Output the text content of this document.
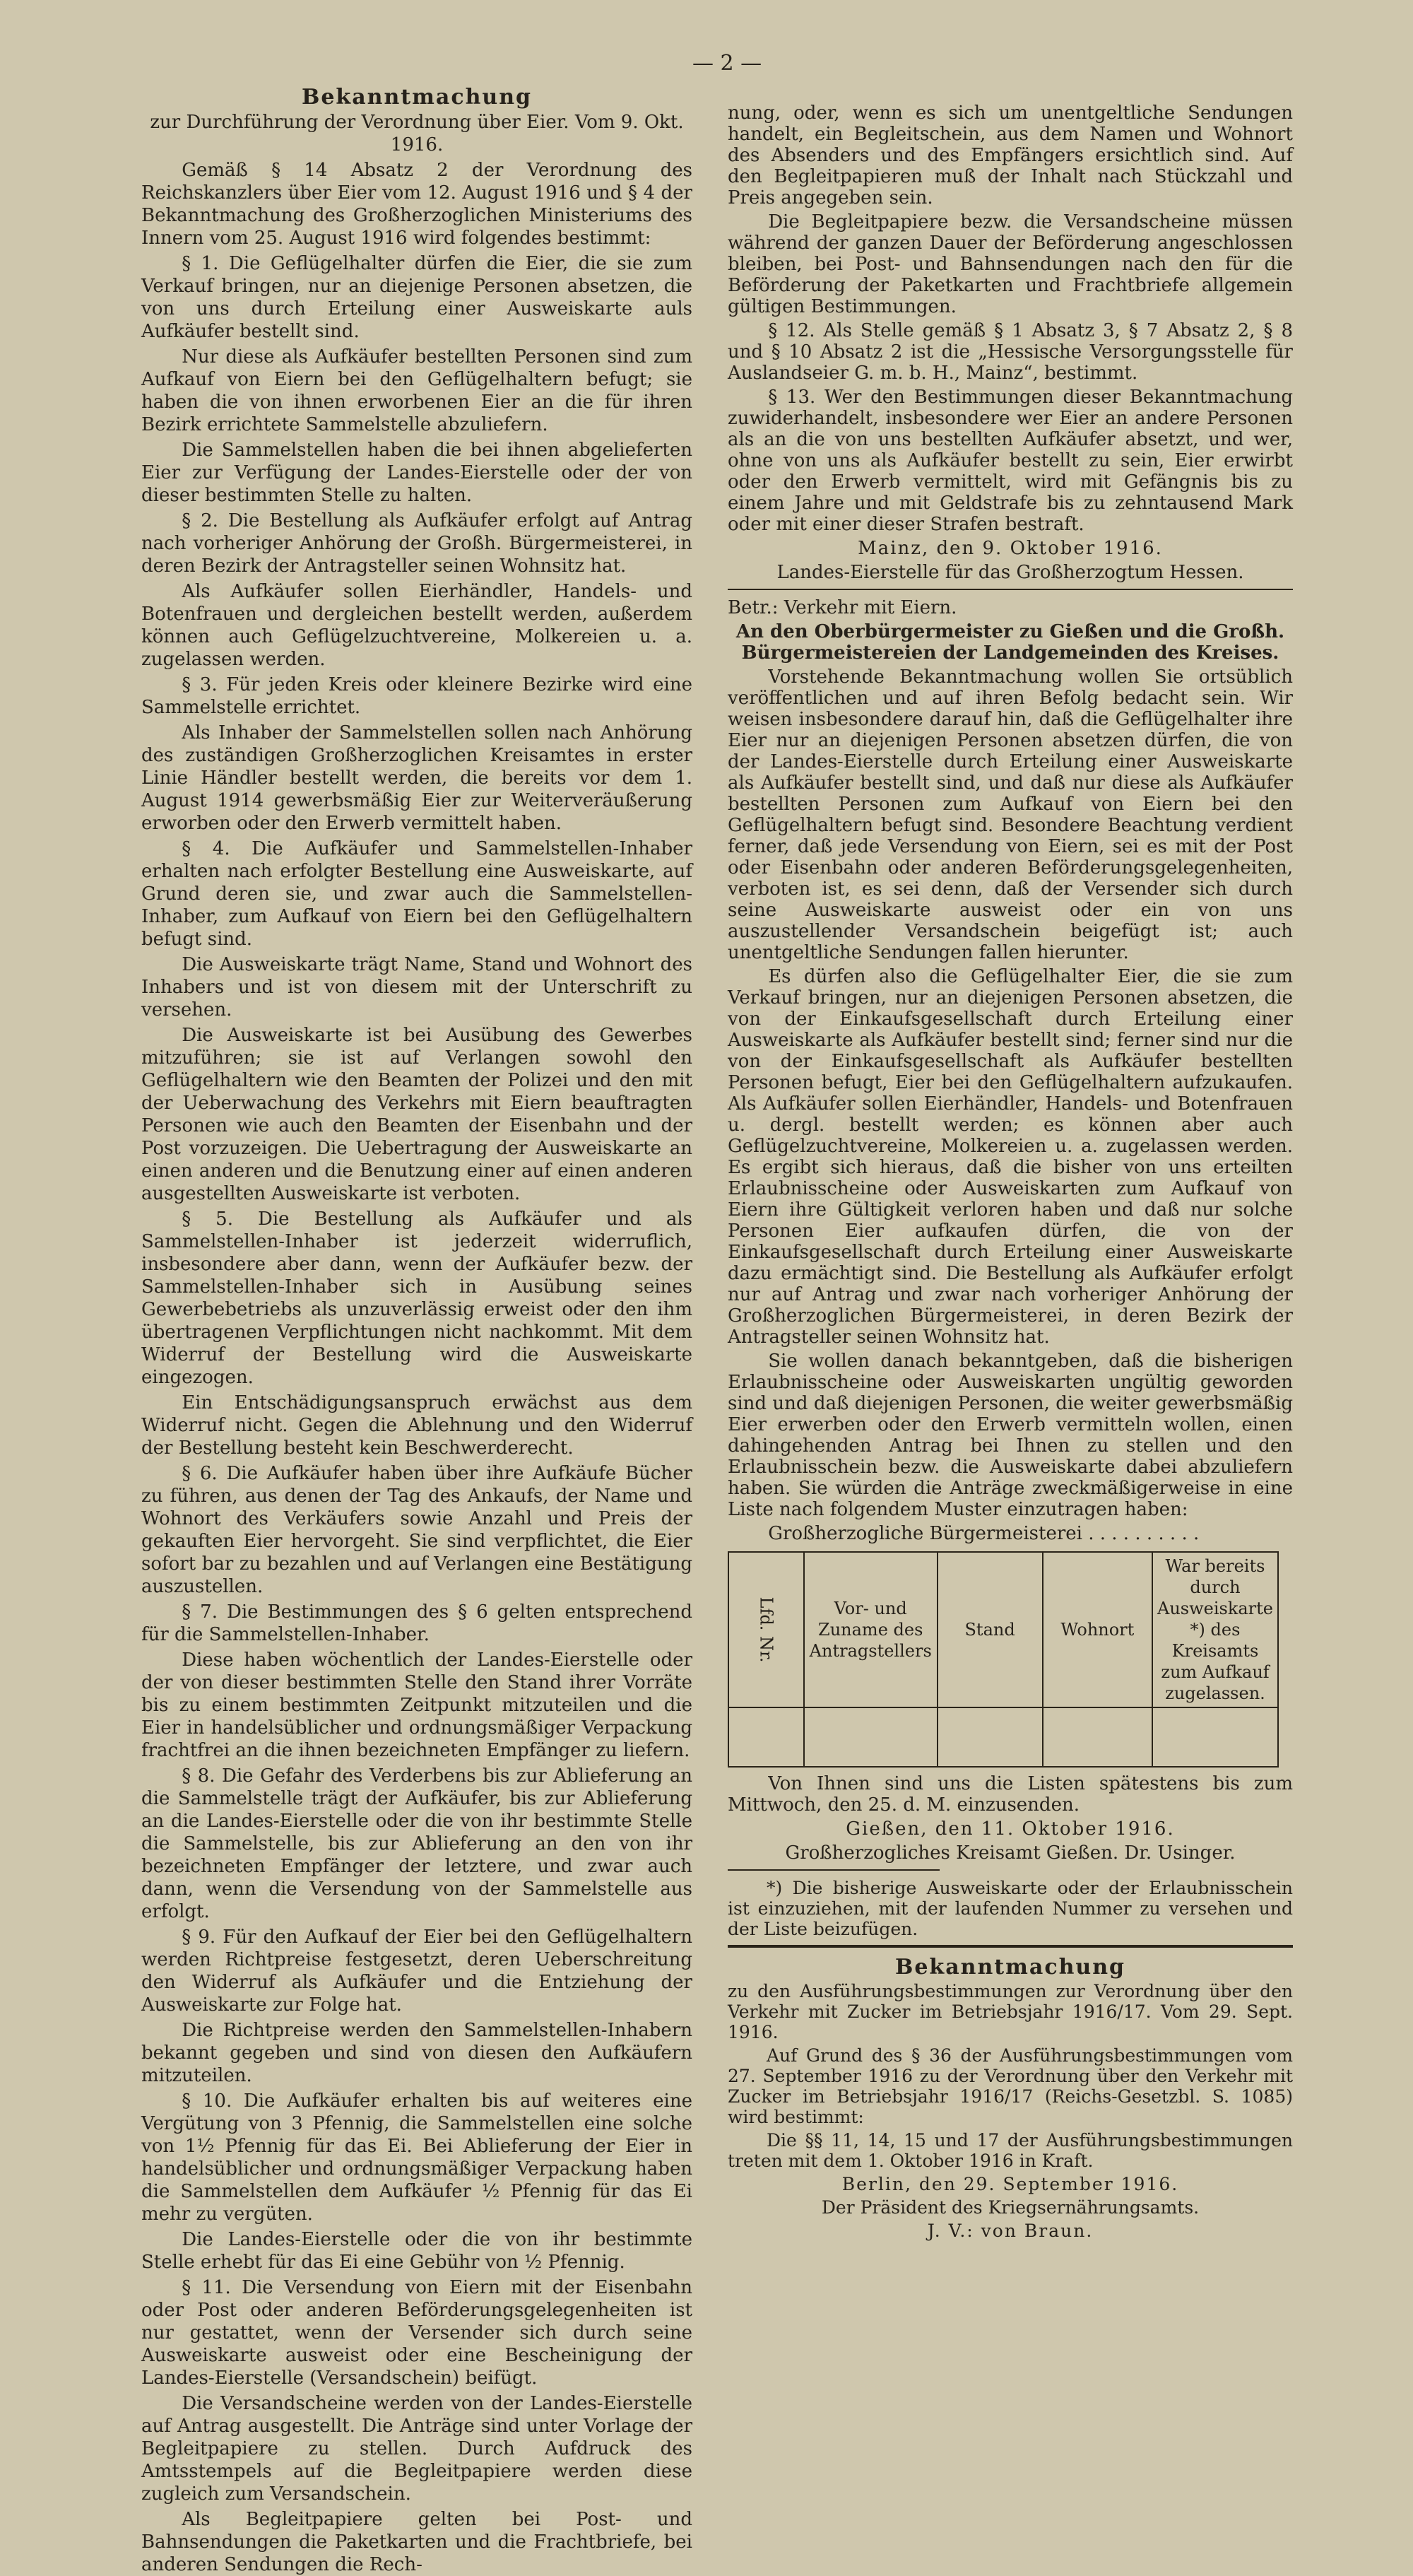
— 2 —
Bekanntmachung

zur Durchführung der Verordnung über Eier. Vom 9. Okt. 1916.

Gemäß § 14 Absatz 2 der Verordnung des Reichskanzlers über Eier vom 12. August 1916 und § 4 der Bekanntmachung des Großherzoglichen Ministeriums des Innern vom 25. August 1916 wird folgendes bestimmt:

§ 1. Die Geflügelhalter dürfen die Eier, die sie zum Verkauf bringen, nur an diejenige Personen absetzen, die von uns durch Erteilung einer Ausweiskarte auls Aufkäufer bestellt sind.

Nur diese als Aufkäufer bestellten Personen sind zum Aufkauf von Eiern bei den Geflügelhaltern befugt; sie haben die von ihnen erworbenen Eier an die für ihren Bezirk errichtete Sammelstelle abzuliefern.

Die Sammelstellen haben die bei ihnen abgelieferten Eier zur Verfügung der Landes-Eierstelle oder der von dieser bestimmten Stelle zu halten.

§ 2. Die Bestellung als Aufkäufer erfolgt auf Antrag nach vorheriger Anhörung der Großh. Bürgermeisterei, in deren Bezirk der Antragsteller seinen Wohnsitz hat.

Als Aufkäufer sollen Eierhändler, Handels- und Botenfrauen und dergleichen bestellt werden, außerdem können auch Geflügelzuchtvereine, Molkereien u. a. zugelassen werden.

§ 3. Für jeden Kreis oder kleinere Bezirke wird eine Sammelstelle errichtet.

Als Inhaber der Sammelstellen sollen nach Anhörung des zuständigen Großherzoglichen Kreisamtes in erster Linie Händler bestellt werden, die bereits vor dem 1. August 1914 gewerbsmäßig Eier zur Weiterveräußerung erworben oder den Erwerb vermittelt haben.

§ 4. Die Aufkäufer und Sammelstellen-Inhaber erhalten nach erfolgter Bestellung eine Ausweiskarte, auf Grund deren sie, und zwar auch die Sammelstellen-Inhaber, zum Aufkauf von Eiern bei den Geflügelhaltern befugt sind.

Die Ausweiskarte trägt Name, Stand und Wohnort des Inhabers und ist von diesem mit der Unterschrift zu versehen.

Die Ausweiskarte ist bei Ausübung des Gewerbes mitzuführen; sie ist auf Verlangen sowohl den Geflügelhaltern wie den Beamten der Polizei und den mit der Ueberwachung des Verkehrs mit Eiern beauftragten Personen wie auch den Beamten der Eisenbahn und der Post vorzuzeigen. Die Uebertragung der Ausweiskarte an einen anderen und die Benutzung einer auf einen anderen ausgestellten Ausweiskarte ist verboten.

§ 5. Die Bestellung als Aufkäufer und als Sammelstellen-Inhaber ist jederzeit widerruflich, insbesondere aber dann, wenn der Aufkäufer bezw. der Sammelstellen-Inhaber sich in Ausübung seines Gewerbebetriebs als unzuverlässig erweist oder den ihm übertragenen Verpflichtungen nicht nachkommt. Mit dem Widerruf der Bestellung wird die Ausweiskarte eingezogen.

Ein Entschädigungsanspruch erwächst aus dem Widerruf nicht. Gegen die Ablehnung und den Widerruf der Bestellung besteht kein Beschwerderecht.

§ 6. Die Aufkäufer haben über ihre Aufkäufe Bücher zu führen, aus denen der Tag des Ankaufs, der Name und Wohnort des Verkäufers sowie Anzahl und Preis der gekauften Eier hervorgeht. Sie sind verpflichtet, die Eier sofort bar zu bezahlen und auf Verlangen eine Bestätigung auszustellen.

§ 7. Die Bestimmungen des § 6 gelten entsprechend für die Sammelstellen-Inhaber.

Diese haben wöchentlich der Landes-Eierstelle oder der von dieser bestimmten Stelle den Stand ihrer Vorräte bis zu einem bestimmten Zeitpunkt mitzuteilen und die Eier in handelsüblicher und ordnungsmäßiger Verpackung frachtfrei an die ihnen bezeichneten Empfänger zu liefern.

§ 8. Die Gefahr des Verderbens bis zur Ablieferung an die Sammelstelle trägt der Aufkäufer, bis zur Ablieferung an die Landes-Eierstelle oder die von ihr bestimmte Stelle die Sammelstelle, bis zur Ablieferung an den von ihr bezeichneten Empfänger der letztere, und zwar auch dann, wenn die Versendung von der Sammelstelle aus erfolgt.

§ 9. Für den Aufkauf der Eier bei den Geflügelhaltern werden Richtpreise festgesetzt, deren Ueberschreitung den Widerruf als Aufkäufer und die Entziehung der Ausweiskarte zur Folge hat.

Die Richtpreise werden den Sammelstellen-Inhabern bekannt gegeben und sind von diesen den Aufkäufern mitzuteilen.

§ 10. Die Aufkäufer erhalten bis auf weiteres eine Vergütung von 3 Pfennig, die Sammelstellen eine solche von 1½ Pfennig für das Ei. Bei Ablieferung der Eier in handelsüblicher und ordnungsmäßiger Verpackung haben die Sammelstellen dem Aufkäufer ½ Pfennig für das Ei mehr zu vergüten.

Die Landes-Eierstelle oder die von ihr bestimmte Stelle erhebt für das Ei eine Gebühr von ½ Pfennig.

§ 11. Die Versendung von Eiern mit der Eisenbahn oder Post oder anderen Beförderungsgelegenheiten ist nur gestattet, wenn der Versender sich durch seine Ausweiskarte ausweist oder eine Bescheinigung der Landes-Eierstelle (Versandschein) beifügt.

Die Versandscheine werden von der Landes-Eierstelle auf Antrag ausgestellt. Die Anträge sind unter Vorlage der Begleitpapiere zu stellen. Durch Aufdruck des Amtsstempels auf die Begleitpapiere werden diese zugleich zum Versandschein.

Als Begleitpapiere gelten bei Post- und Bahnsendungen die Paketkarten und die Frachtbriefe, bei anderen Sendungen die Rech-

nung, oder, wenn es sich um unentgeltliche Sendungen handelt, ein Begleitschein, aus dem Namen und Wohnort des Absenders und des Empfängers ersichtlich sind. Auf den Begleitpapieren muß der Inhalt nach Stückzahl und Preis angegeben sein.

Die Begleitpapiere bezw. die Versandscheine müssen während der ganzen Dauer der Beförderung angeschlossen bleiben, bei Post- und Bahnsendungen nach den für die Beförderung der Paketkarten und Frachtbriefe allgemein gültigen Bestimmungen.

§ 12. Als Stelle gemäß § 1 Absatz 3, § 7 Absatz 2, § 8 und § 10 Absatz 2 ist die „Hessische Versorgungsstelle für Auslandseier G. m. b. H., Mainz“, bestimmt.

§ 13. Wer den Bestimmungen dieser Bekanntmachung zuwiderhandelt, insbesondere wer Eier an andere Personen als an die von uns bestellten Aufkäufer absetzt, und wer, ohne von uns als Aufkäufer bestellt zu sein, Eier erwirbt oder den Erwerb vermittelt, wird mit Gefängnis bis zu einem Jahre und mit Geldstrafe bis zu zehntausend Mark oder mit einer dieser Strafen bestraft.

Mainz, den 9. Oktober 1916.

Landes-Eierstelle für das Großherzogtum Hessen.

Betr.: Verkehr mit Eiern.

An den Oberbürgermeister zu Gießen und die Großh. Bürgermeistereien der Landgemeinden des Kreises.

Vorstehende Bekanntmachung wollen Sie ortsüblich veröffentlichen und auf ihren Befolg bedacht sein. Wir weisen insbesondere darauf hin, daß die Geflügelhalter ihre Eier nur an diejenigen Personen absetzen dürfen, die von der Landes-Eierstelle durch Erteilung einer Ausweiskarte als Aufkäufer bestellt sind, und daß nur diese als Aufkäufer bestellten Personen zum Aufkauf von Eiern bei den Geflügelhaltern befugt sind. Besondere Beachtung verdient ferner, daß jede Versendung von Eiern, sei es mit der Post oder Eisenbahn oder anderen Beförderungsgelegenheiten, verboten ist, es sei denn, daß der Versender sich durch seine Ausweiskarte ausweist oder ein von uns auszustellender Versandschein beigefügt ist; auch unentgeltliche Sendungen fallen hierunter.

Es dürfen also die Geflügelhalter Eier, die sie zum Verkauf bringen, nur an diejenigen Personen absetzen, die von der Einkaufsgesellschaft durch Erteilung einer Ausweiskarte als Aufkäufer bestellt sind; ferner sind nur die von der Einkaufsgesellschaft als Aufkäufer bestellten Personen befugt, Eier bei den Geflügelhaltern aufzukaufen. Als Aufkäufer sollen Eierhändler, Handels- und Botenfrauen u. dergl. bestellt werden; es können aber auch Geflügelzuchtvereine, Molkereien u. a. zugelassen werden. Es ergibt sich hieraus, daß die bisher von uns erteilten Erlaubnisscheine oder Ausweiskarten zum Aufkauf von Eiern ihre Gültigkeit verloren haben und daß nur solche Personen Eier aufkaufen dürfen, die von der Einkaufsgesellschaft durch Erteilung einer Ausweiskarte dazu ermächtigt sind. Die Bestellung als Aufkäufer erfolgt nur auf Antrag und zwar nach vorheriger Anhörung der Großherzoglichen Bürgermeisterei, in deren Bezirk der Antragsteller seinen Wohnsitz hat.

Sie wollen danach bekanntgeben, daß die bisherigen Erlaubnisscheine oder Ausweiskarten ungültig geworden sind und daß diejenigen Personen, die weiter gewerbsmäßig Eier erwerben oder den Erwerb vermitteln wollen, einen dahingehenden Antrag bei Ihnen zu stellen und den Erlaubnisschein bezw. die Ausweiskarte dabei abzuliefern haben. Sie würden die Anträge zweckmäßigerweise in eine Liste nach folgendem Muster einzutragen haben:

Großherzogliche Bürgermeisterei . . . . . . . . . .

Lfd. Nr.	Vor- und Zuname des Antragstellers	Stand	Wohnort	War bereits durch Ausweiskarte *) des Kreisamts zum Aufkauf zugelassen.

Von Ihnen sind uns die Listen spätestens bis zum Mittwoch, den 25. d. M. einzusenden.

Gießen, den 11. Oktober 1916.

Großherzogliches Kreisamt Gießen. Dr. Usinger.

*) Die bisherige Ausweiskarte oder der Erlaubnisschein ist einzuziehen, mit der laufenden Nummer zu versehen und der Liste beizufügen.

Bekanntmachung

zu den Ausführungsbestimmungen zur Verordnung über den Verkehr mit Zucker im Betriebsjahr 1916/17. Vom 29. Sept. 1916.

Auf Grund des § 36 der Ausführungsbestimmungen vom 27. September 1916 zu der Verordnung über den Verkehr mit Zucker im Betriebsjahr 1916/17 (Reichs-Gesetzbl. S. 1085) wird bestimmt:

Die §§ 11, 14, 15 und 17 der Ausführungsbestimmungen treten mit dem 1. Oktober 1916 in Kraft.

Berlin, den 29. September 1916.

Der Präsident des Kriegsernährungsamts.

J. V.: von Braun.
